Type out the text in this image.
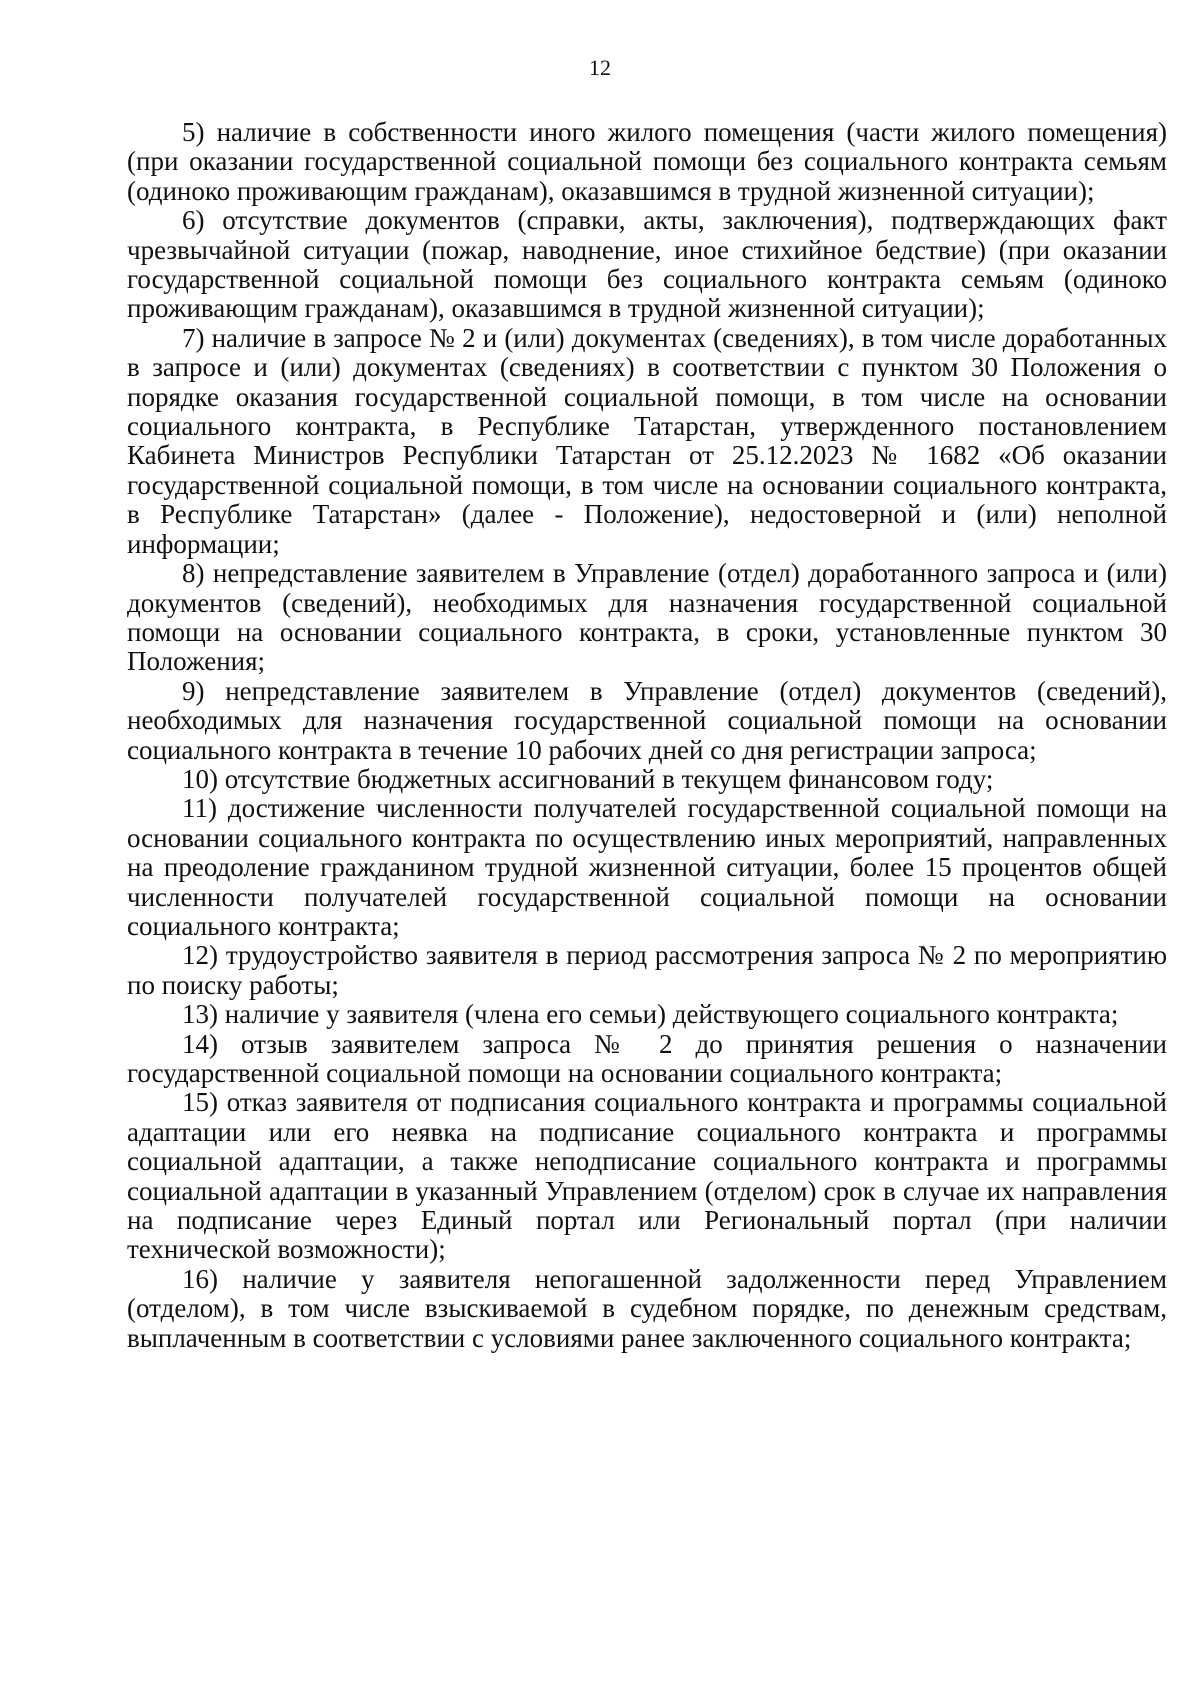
12

5) наличие в собственности иного жилого помещения (части жилого помещения) (при оказании государственной социальной помощи без социального контракта семьям (одиноко проживающим гражданам), оказавшимся в трудной жизненной ситуации);

6) отсутствие документов (справки, акты, заключения), подтверждающих факт чрезвычайной ситуации (пожар, наводнение, иное стихийное бедствие) (при оказании государственной социальной помощи без социального контракта семьям (одиноко проживающим гражданам), оказавшимся в трудной жизненной ситуации);

7) наличие в запросе № 2 и (или) документах (сведениях), в том числе доработанных в запросе и (или) документах (сведениях) в соответствии с пунктом 30 Положения о порядке оказания государственной социальной помощи, в том числе на основании социального контракта, в Республике Татарстан, утвержденного постановлением Кабинета Министров Республики Татарстан от 25.12.2023 № 1682 «Об оказании государственной социальной помощи, в том числе на основании социального контракта, в Республике Татарстан» (далее - Положение), недостоверной и (или) неполной информации;

8) непредставление заявителем в Управление (отдел) доработанного запроса и (или) документов (сведений), необходимых для назначения государственной социальной помощи на основании социального контракта, в сроки, установленные пунктом 30 Положения;

9) непредставление заявителем в Управление (отдел) документов (сведений), необходимых для назначения государственной социальной помощи на основании социального контракта в течение 10 рабочих дней со дня регистрации запроса;

10) отсутствие бюджетных ассигнований в текущем финансовом году;

11) достижение численности получателей государственной социальной помощи на основании социального контракта по осуществлению иных мероприятий, направленных на преодоление гражданином трудной жизненной ситуации, более 15 процентов общей численности получателей государственной социальной помощи на основании социального контракта;

12) трудоустройство заявителя в период рассмотрения запроса № 2 по мероприятию по поиску работы;

13) наличие у заявителя (члена его семьи) действующего социального контракта;

14) отзыв заявителем запроса № 2 до принятия решения о назначении государственной социальной помощи на основании социального контракта;

15) отказ заявителя от подписания социального контракта и программы социальной адаптации или его неявка на подписание социального контракта и программы социальной адаптации, а также неподписание социального контракта и программы социальной адаптации в указанный Управлением (отделом) срок в случае их направления на подписание через Единый портал или Региональный портал (при наличии технической возможности);

16) наличие у заявителя непогашенной задолженности перед Управлением (отделом), в том числе взыскиваемой в судебном порядке, по денежным средствам, выплаченным в соответствии с условиями ранее заключенного социального контракта;
